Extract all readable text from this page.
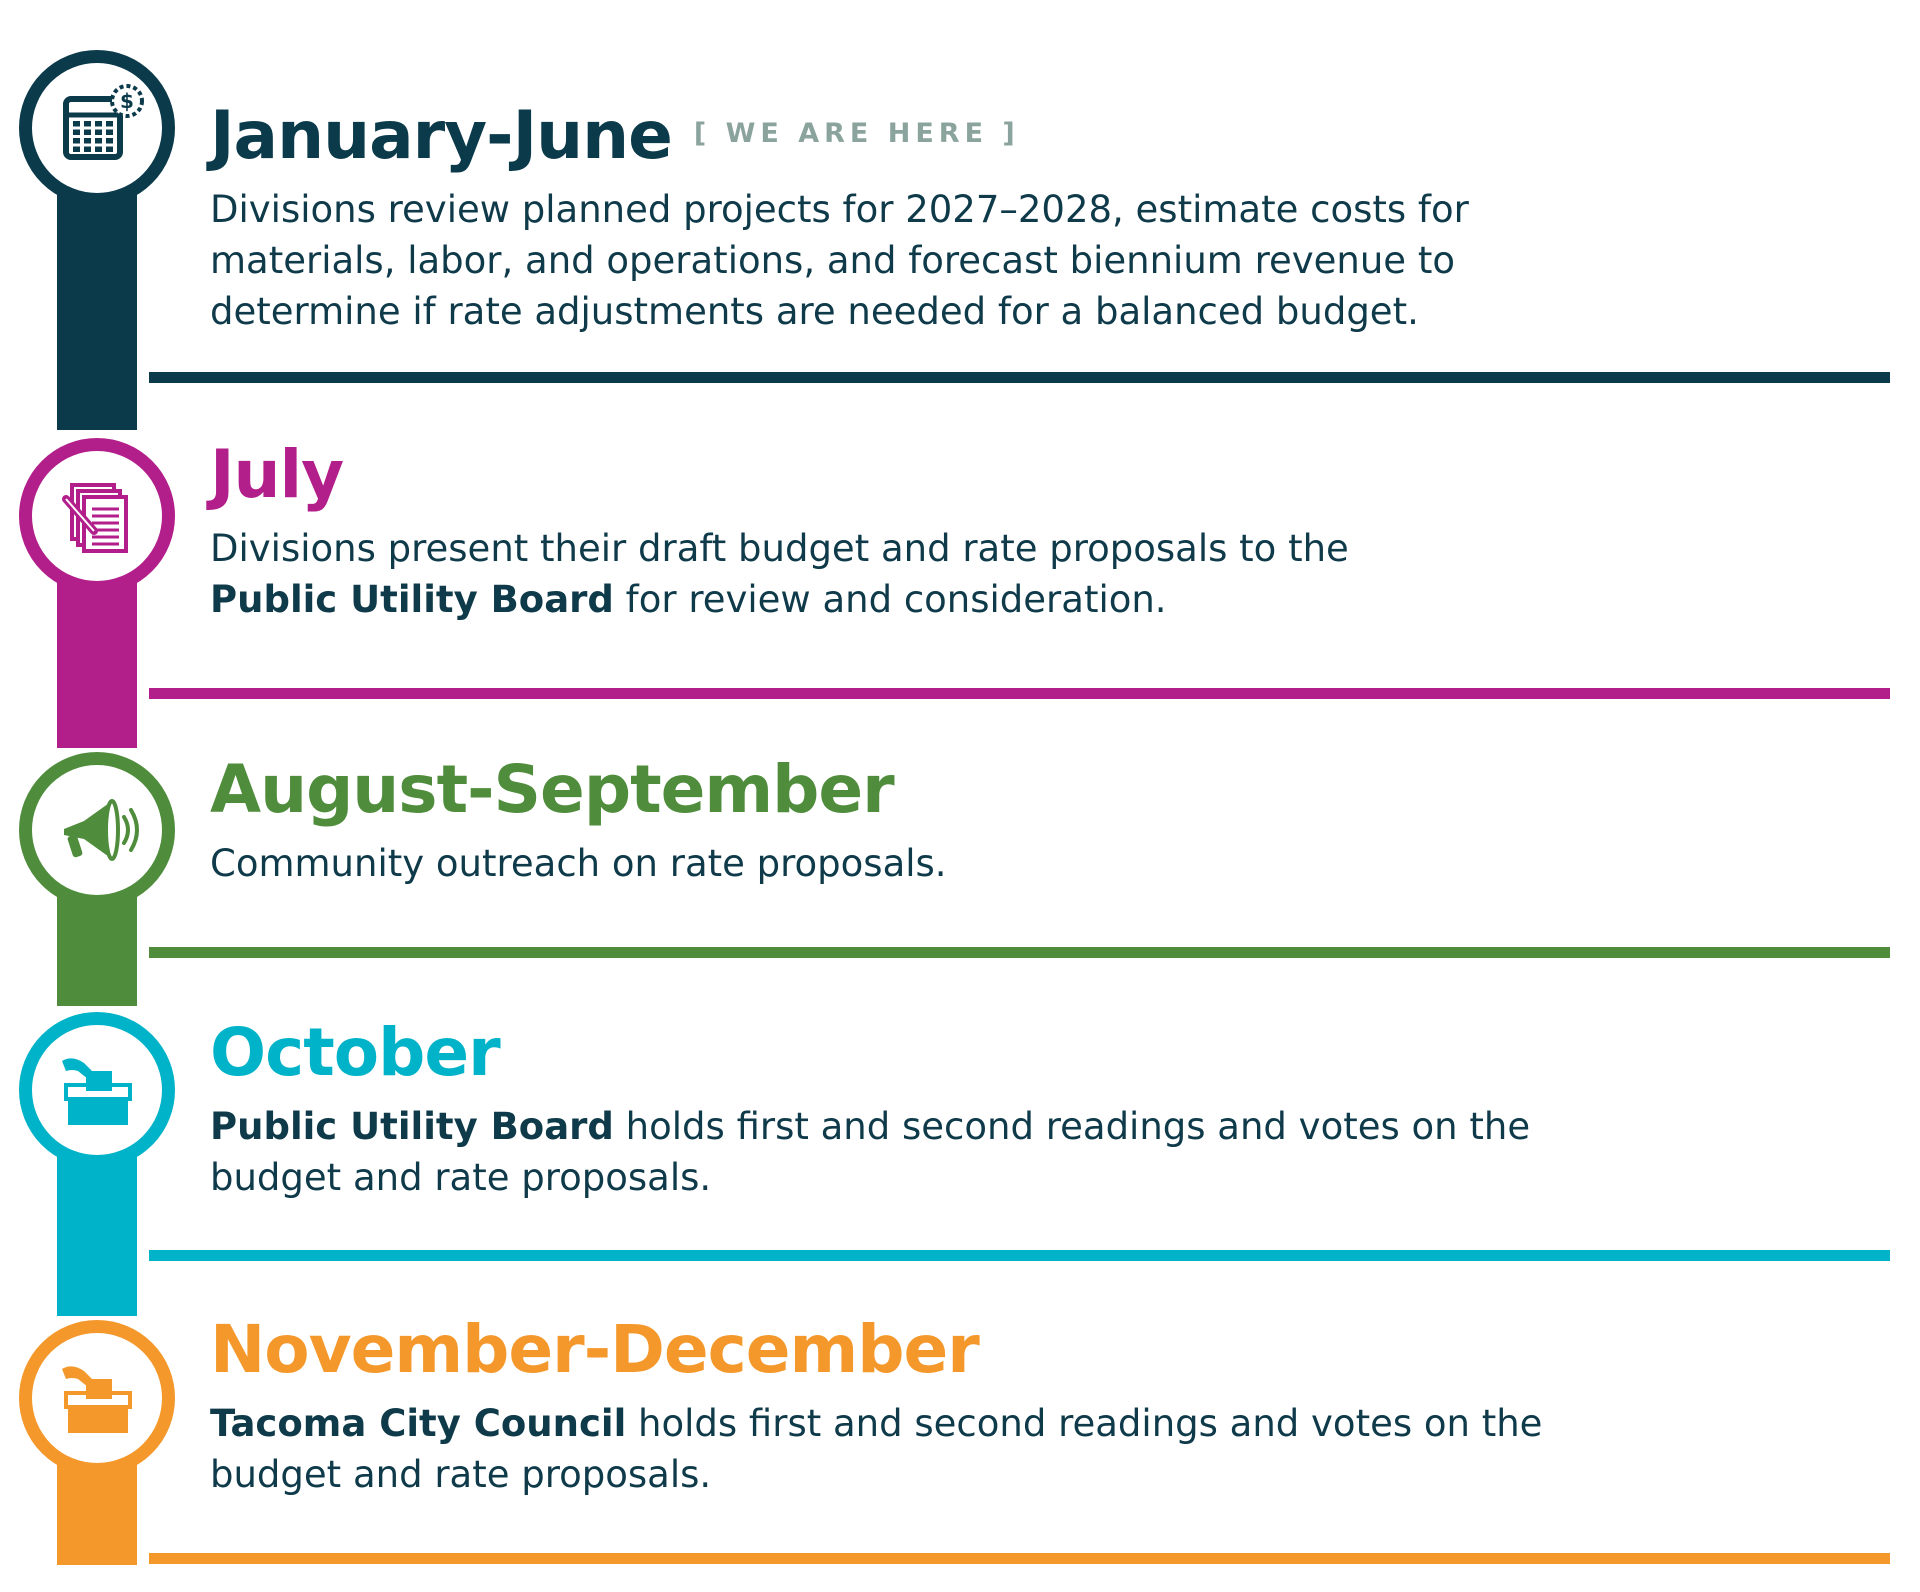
$ January-June [ WE ARE HERE ]
Divisions review planned projects for 2027–2028, estimate costs for
materials, labor, and operations, and forecast biennium revenue to
determine if rate adjustments are needed for a balanced budget.
July
Divisions present their draft budget and rate proposals to the
Public Utility Board for review and consideration.
August-September
Community outreach on rate proposals.
October
Public Utility Board holds first and second readings and votes on the
budget and rate proposals.
November-December
Tacoma City Council holds first and second readings and votes on the
budget and rate proposals.
